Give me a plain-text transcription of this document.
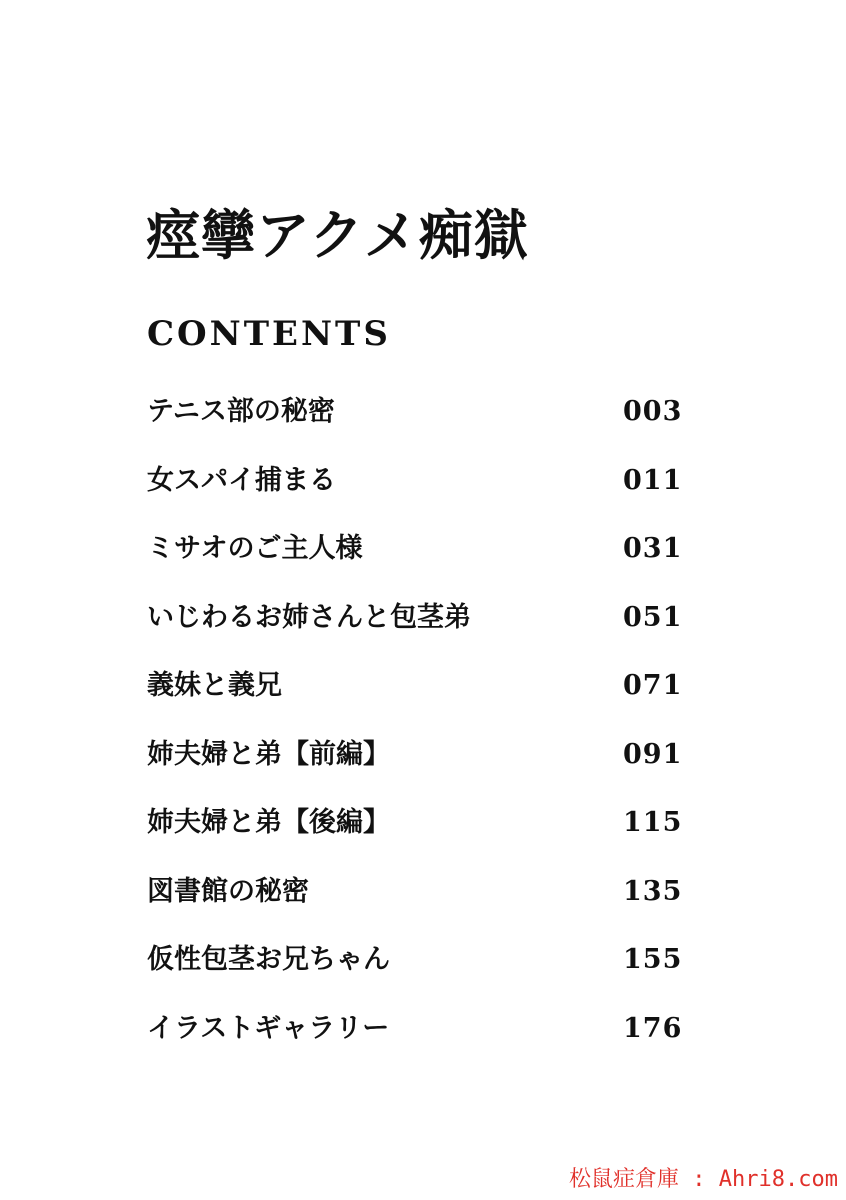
痙攣アクメ痴獄
CONTENTS
テニス部の秘密	003
女スパイ捕まる	011
ミサオのご主人様	031
いじわるお姉さんと包茎弟	051
義妹と義兄	071
姉夫婦と弟【前編】	091
姉夫婦と弟【後編】	115
図書館の秘密	135
仮性包茎お兄ちゃん	155
イラストギャラリー	176
松鼠症倉庫 : Ahri8.com
